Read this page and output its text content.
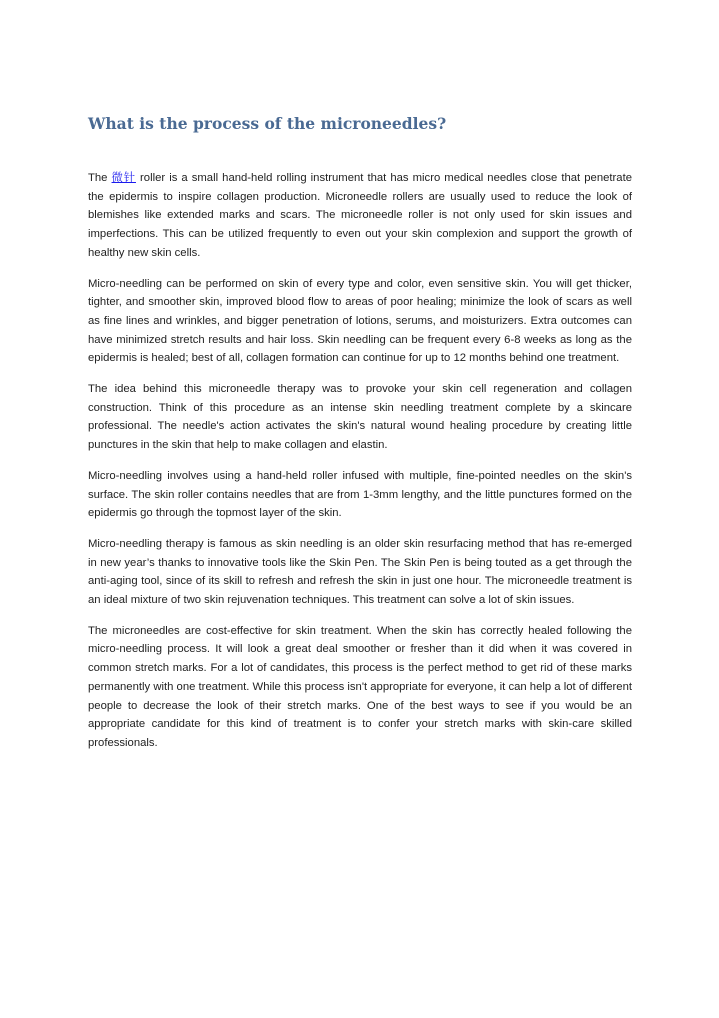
What is the process of the microneedles?

The 微针 roller is a small hand-held rolling instrument that has micro medical needles close that penetrate the epidermis to inspire collagen production. Microneedle rollers are usually used to reduce the look of blemishes like extended marks and scars. The microneedle roller is not only used for skin issues and imperfections. This can be utilized frequently to even out your skin complexion and support the growth of healthy new skin cells.

Micro-needling can be performed on skin of every type and color, even sensitive skin. You will get thicker, tighter, and smoother skin, improved blood flow to areas of poor healing; minimize the look of scars as well as fine lines and wrinkles, and bigger penetration of lotions, serums, and moisturizers. Extra outcomes can have minimized stretch results and hair loss. Skin needling can be frequent every 6-8 weeks as long as the epidermis is healed; best of all, collagen formation can continue for up to 12 months behind one treatment.

The idea behind this microneedle therapy was to provoke your skin cell regeneration and collagen construction. Think of this procedure as an intense skin needling treatment complete by a skincare professional. The needle's action activates the skin's natural wound healing procedure by creating little punctures in the skin that help to make collagen and elastin.

Micro-needling involves using a hand-held roller infused with multiple, fine-pointed needles on the skin's surface. The skin roller contains needles that are from 1-3mm lengthy, and the little punctures formed on the epidermis go through the topmost layer of the skin.

Micro-needling therapy is famous as skin needling is an older skin resurfacing method that has re-emerged in new year’s thanks to innovative tools like the Skin Pen. The Skin Pen is being touted as a get through the anti-aging tool, since of its skill to refresh and refresh the skin in just one hour. The microneedle treatment is an ideal mixture of two skin rejuvenation techniques. This treatment can solve a lot of skin issues.

The microneedles are cost-effective for skin treatment. When the skin has correctly healed following the micro-needling process. It will look a great deal smoother or fresher than it did when it was covered in common stretch marks. For a lot of candidates, this process is the perfect method to get rid of these marks permanently with one treatment. While this process isn't appropriate for everyone, it can help a lot of different people to decrease the look of their stretch marks. One of the best ways to see if you would be an appropriate candidate for this kind of treatment is to confer your stretch marks with skin-care skilled professionals.
